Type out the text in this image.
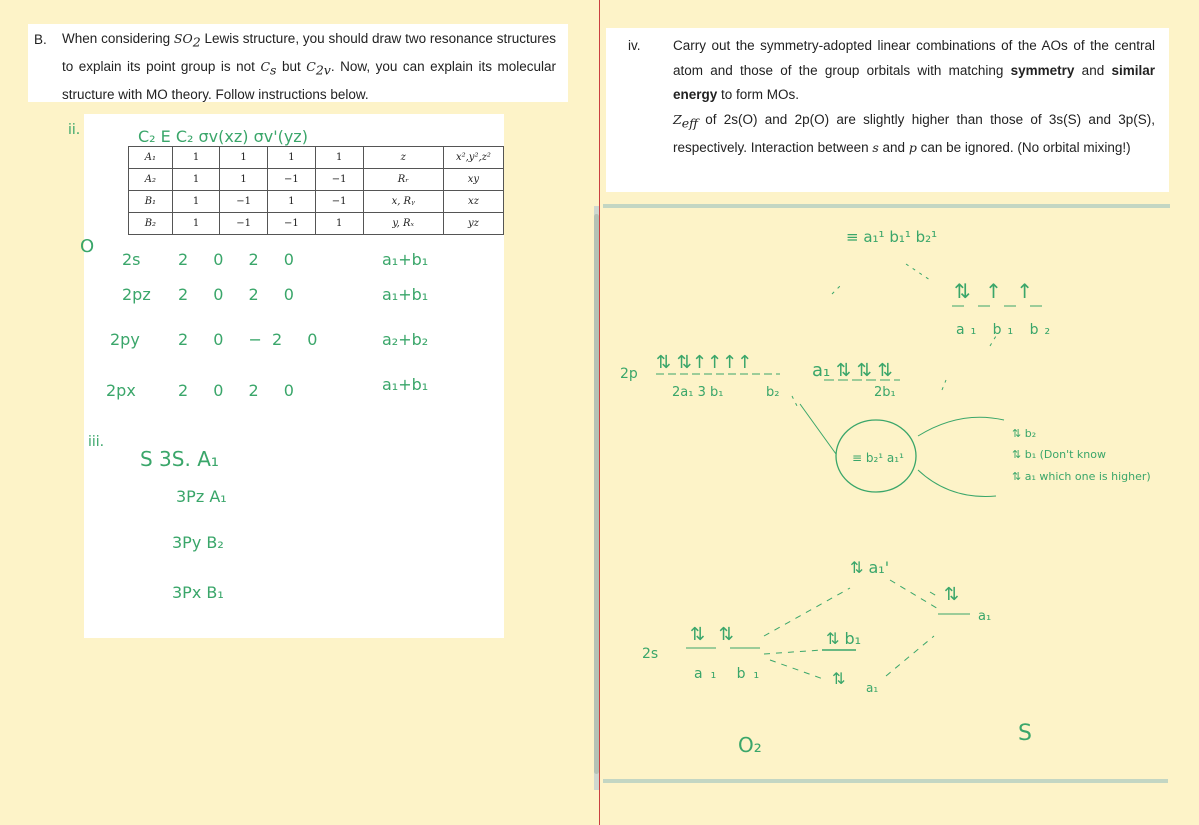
B. When considering $SO_2$ Lewis structure, you should draw two resonance structures to explain its point group is not $C_s$ but $C_{2v}$. Now, you can explain its molecular structure with MO theory. Follow instructions below.
A₁	1	1	1	1	z	x²,y²,z²
A₂	1	1	−1	−1	Rᵣ	xy
B₁	1	−1	1	−1	x, Rᵧ	xz
B₂	1	−1	−1	1	y, Rₓ	yz
iv. Carry out the symmetry-adopted linear combinations of the AOs of the central atom and those of the group orbitals with matching symmetry and similar energy to form MOs.
$Z_{eff}$ of 2s(O) and 2p(O) are slightly higher than those of 3s(S) and 3p(S), respectively. Interaction between s and p can be ignored. (No orbital mixing!)
C₂ E C₂ σv(xz) σv'(yz)
ii.
O
2s 2 0 2 0	a₁+b₁
2pz 2 0 2 0	a₁+b₁
2py 2 0 −2 0	a₂+b₂
2px	2 0 2 0	a₁+b₁
iii.
S 3S. A₁
3Pz A₁
3Py B₂
3Px B₁
≡ a₁¹ b₁¹ b₂¹
⇅ ↑ ↑
a₁ b₁ b₂
2p
⇅ ⇅↑↑↑↑
2a₁ 3 b₁	b₂
a₁ ⇅ ⇅ ⇅
2b₁
≡ b₂¹ a₁¹
⇅ b₂
⇅ b₁ (Don't know
⇅ a₁ which one is higher)
⇅ a₁'
⇅
a₁
2s
⇅ ⇅
a₁ b₁
⇅ b₁
⇅ a₁
O₂	S
